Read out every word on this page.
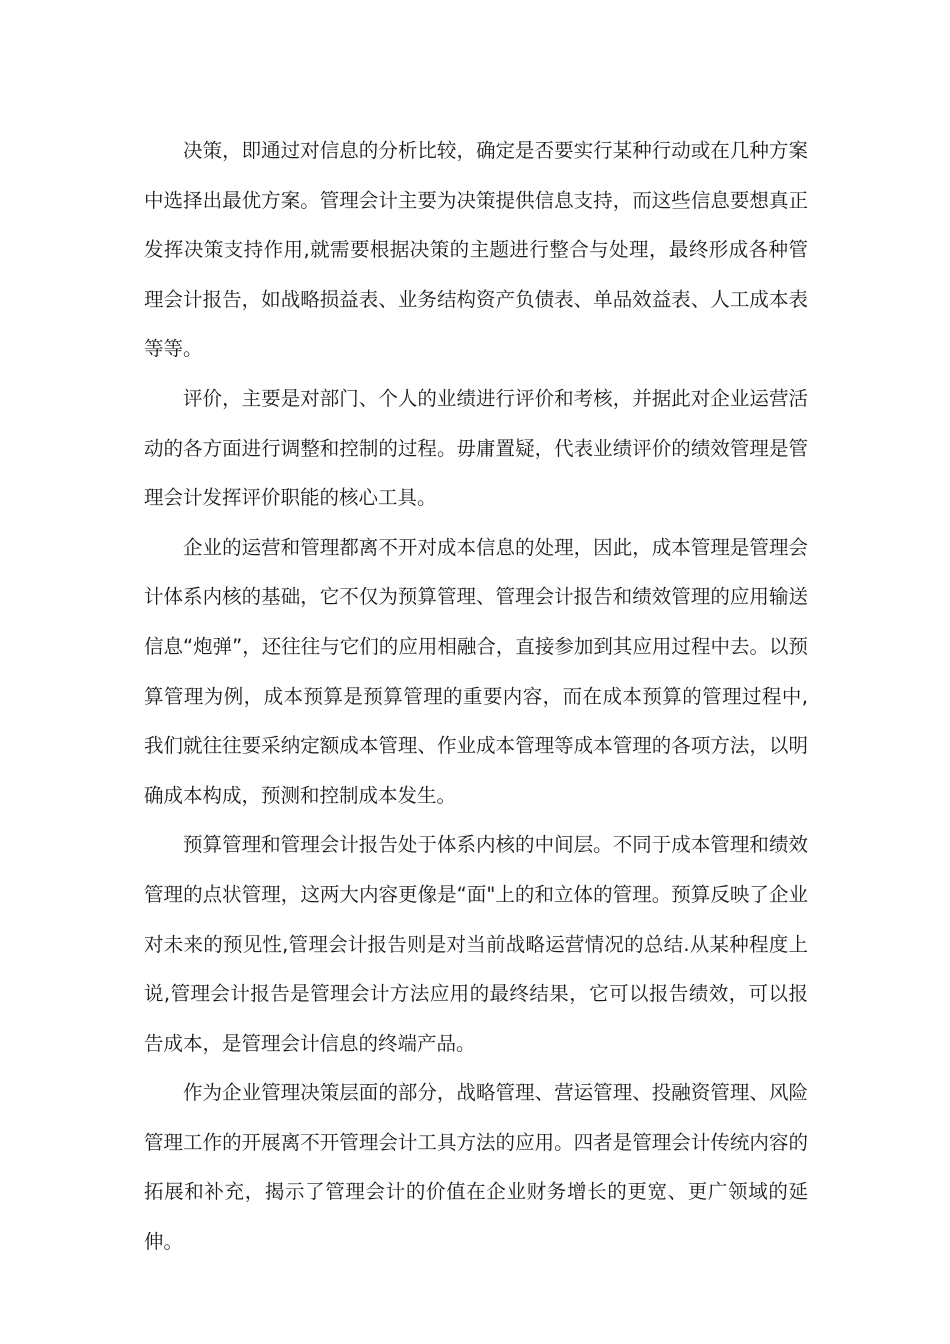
决策，即通过对信息的分析比较，确定是否要实行某种行动或在几种方案中选择出最优方案。管理会计主要为决策提供信息支持，而这些信息要想真正发挥决策支持作用,就需要根据决策的主题进行整合与处理，最终形成各种管理会计报告，如战略损益表、业务结构资产负债表、单品效益表、人工成本表等等。

评价，主要是对部门、个人的业绩进行评价和考核，并据此对企业运营活动的各方面进行调整和控制的过程。毋庸置疑，代表业绩评价的绩效管理是管理会计发挥评价职能的核心工具。

企业的运营和管理都离不开对成本信息的处理，因此，成本管理是管理会计体系内核的基础，它不仅为预算管理、管理会计报告和绩效管理的应用输送信息“炮弹”，还往往与它们的应用相融合，直接参加到其应用过程中去。以预算管理为例，成本预算是预算管理的重要内容，而在成本预算的管理过程中,我们就往往要采纳定额成本管理、作业成本管理等成本管理的各项方法，以明确成本构成，预测和控制成本发生。

预算管理和管理会计报告处于体系内核的中间层。不同于成本管理和绩效管理的点状管理，这两大内容更像是“面"上的和立体的管理。预算反映了企业对未来的预见性,管理会计报告则是对当前战略运营情况的总结.从某种程度上说,管理会计报告是管理会计方法应用的最终结果，它可以报告绩效，可以报告成本，是管理会计信息的终端产品。

作为企业管理决策层面的部分，战略管理、营运管理、投融资管理、风险管理工作的开展离不开管理会计工具方法的应用。四者是管理会计传统内容的拓展和补充，揭示了管理会计的价值在企业财务增长的更宽、更广领域的延伸。
